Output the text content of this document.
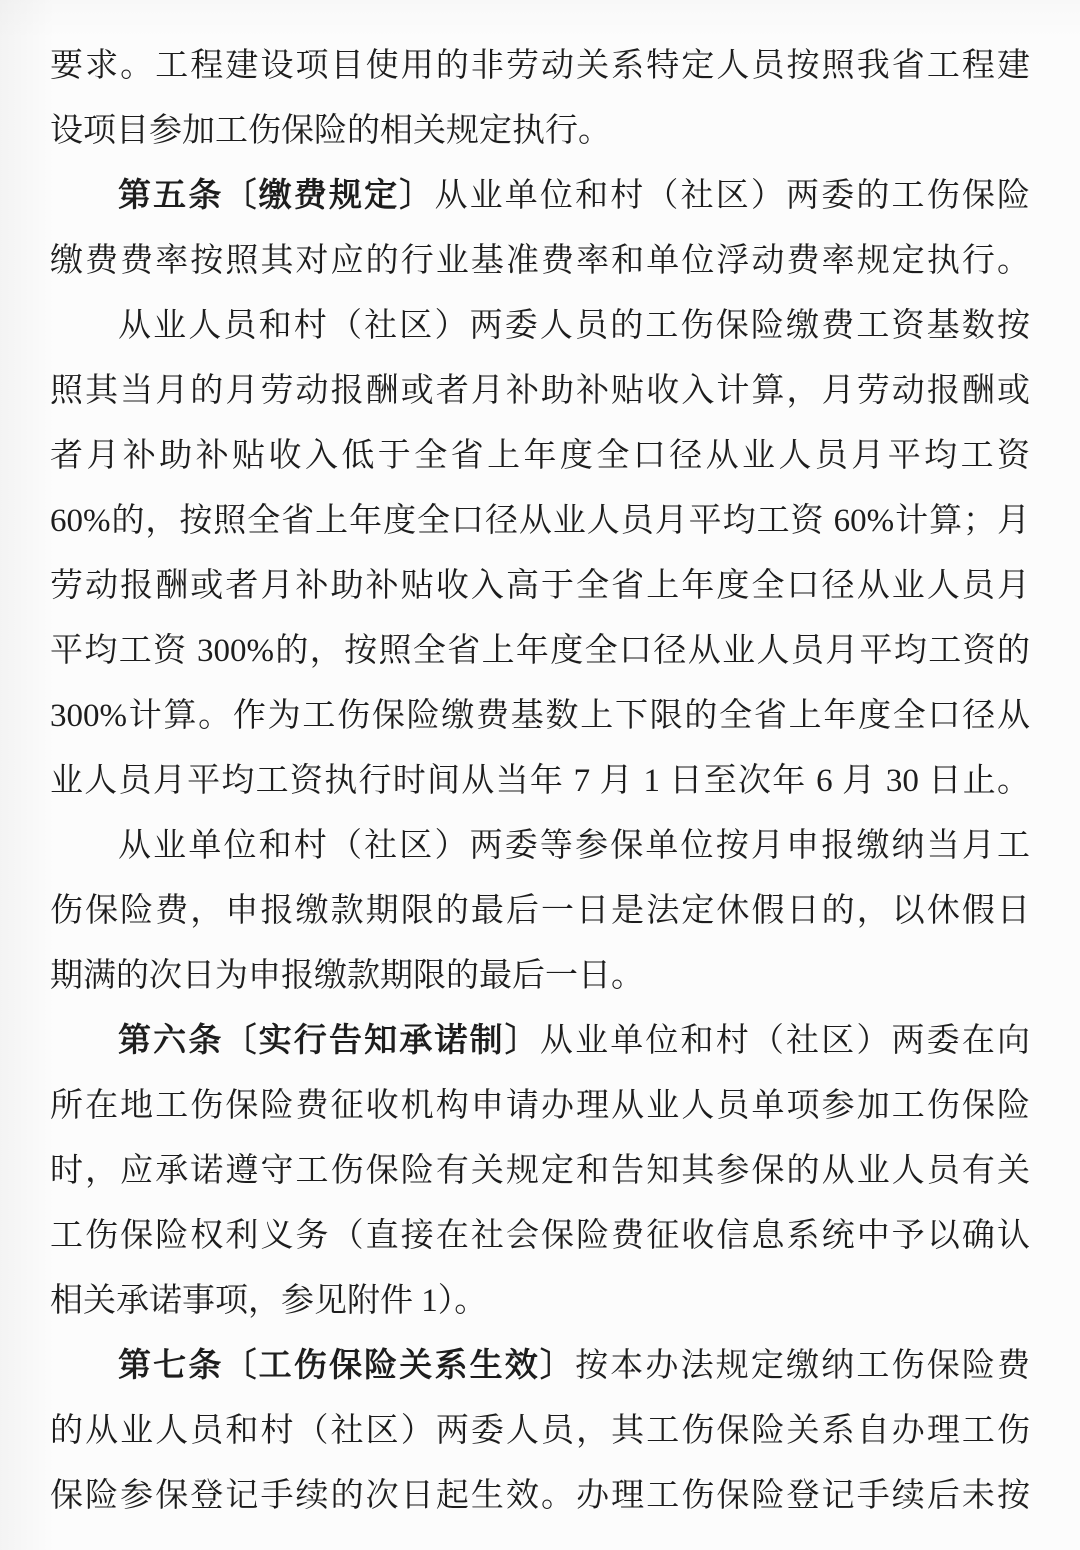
要求。工程建设项目使用的非劳动关系特定人员按照我省工程建
设项目参加工伤保险的相关规定执行。
第五条〔缴费规定〕从业单位和村（社区）两委的工伤保险
缴费费率按照其对应的行业基准费率和单位浮动费率规定执行。
从业人员和村（社区）两委人员的工伤保险缴费工资基数按
照其当月的月劳动报酬或者月补助补贴收入计算，月劳动报酬或
者月补助补贴收入低于全省上年度全口径从业人员月平均工资
60%的，按照全省上年度全口径从业人员月平均工资 60%计算；月
劳动报酬或者月补助补贴收入高于全省上年度全口径从业人员月
平均工资 300%的，按照全省上年度全口径从业人员月平均工资的
300%计算。作为工伤保险缴费基数上下限的全省上年度全口径从
业人员月平均工资执行时间从当年 7 月 1 日至次年 6 月 30 日止。
从业单位和村（社区）两委等参保单位按月申报缴纳当月工
伤保险费，申报缴款期限的最后一日是法定休假日的，以休假日
期满的次日为申报缴款期限的最后一日。
第六条〔实行告知承诺制〕从业单位和村（社区）两委在向
所在地工伤保险费征收机构申请办理从业人员单项参加工伤保险
时，应承诺遵守工伤保险有关规定和告知其参保的从业人员有关
工伤保险权利义务（直接在社会保险费征收信息系统中予以确认
相关承诺事项，参见附件 1）。
第七条〔工伤保险关系生效〕按本办法规定缴纳工伤保险费
的从业人员和村（社区）两委人员，其工伤保险关系自办理工伤
保险参保登记手续的次日起生效。办理工伤保险登记手续后未按
